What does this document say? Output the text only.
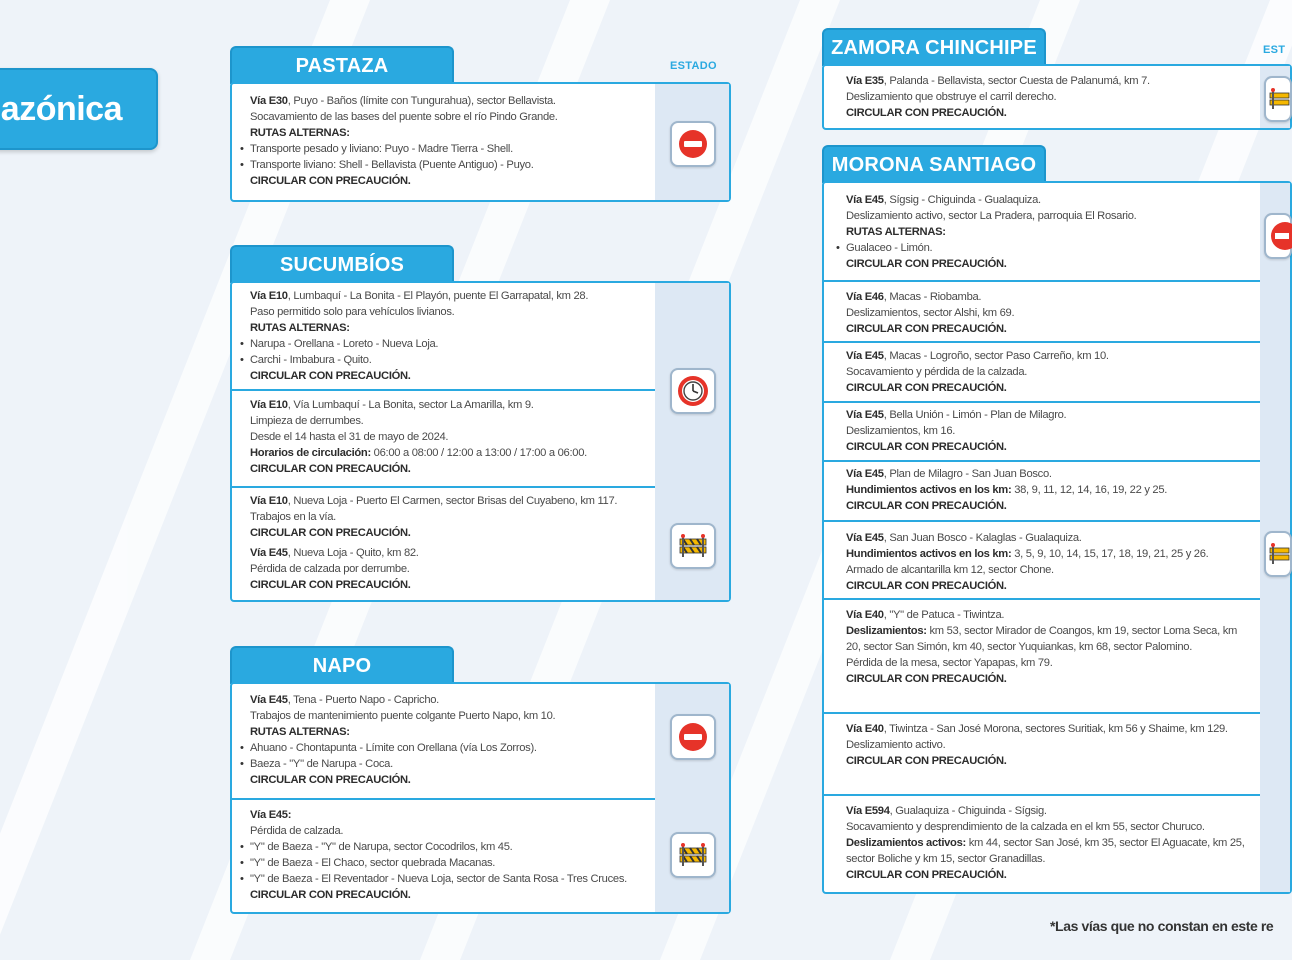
azónica
ESTADO
PASTAZA
Vía E30, Puyo - Baños (límite con Tungurahua), sector Bellavista.
Socavamiento de las bases del puente sobre el río Pindo Grande.
RUTAS ALTERNAS:
• Transporte pesado y liviano: Puyo - Madre Tierra - Shell.
• Transporte liviano: Shell - Bellavista (Puente Antiguo) - Puyo.
CIRCULAR CON PRECAUCIÓN.
SUCUMBÍOS
Vía E10, Lumbaquí - La Bonita - El Playón, puente El Garrapatal, km 28.
Paso permitido solo para vehículos livianos.
RUTAS ALTERNAS:
• Narupa - Orellana - Loreto - Nueva Loja.
• Carchi - Imbabura - Quito.
CIRCULAR CON PRECAUCIÓN.
Vía E10, Vía Lumbaquí - La Bonita, sector La Amarilla, km 9.
Limpieza de derrumbes.
Desde el 14 hasta el 31 de mayo de 2024.
Horarios de circulación: 06:00 a 08:00 / 12:00 a 13:00 / 17:00 a 06:00.
CIRCULAR CON PRECAUCIÓN.
Vía E10, Nueva Loja - Puerto El Carmen, sector Brisas del Cuyabeno, km 117.
Trabajos en la vía.
CIRCULAR CON PRECAUCIÓN.
Vía E45, Nueva Loja - Quito, km 82.
Pérdida de calzada por derrumbe.
CIRCULAR CON PRECAUCIÓN.
NAPO
Vía E45, Tena - Puerto Napo - Capricho.
Trabajos de mantenimiento puente colgante Puerto Napo, km 10.
RUTAS ALTERNAS:
• Ahuano - Chontapunta - Límite con Orellana (vía Los Zorros).
• Baeza - "Y" de Narupa - Coca.
CIRCULAR CON PRECAUCIÓN.
Vía E45:
Pérdida de calzada.
• "Y" de Baeza - "Y" de Narupa, sector Cocodrilos, km 45.
• "Y" de Baeza - El Chaco, sector quebrada Macanas.
• "Y" de Baeza - El Reventador - Nueva Loja, sector de Santa Rosa - Tres Cruces.
CIRCULAR CON PRECAUCIÓN.
EST
ZAMORA CHINCHIPE
Vía E35, Palanda - Bellavista, sector Cuesta de Palanumá, km 7.
Deslizamiento que obstruye el carril derecho.
CIRCULAR CON PRECAUCIÓN.
MORONA SANTIAGO
Vía E45, Sígsig - Chiguinda - Gualaquiza.
Deslizamiento activo, sector La Pradera, parroquia El Rosario.
RUTAS ALTERNAS:
• Gualaceo - Limón.
CIRCULAR CON PRECAUCIÓN.
Vía E46, Macas - Riobamba.
Deslizamientos, sector Alshi, km 69.
CIRCULAR CON PRECAUCIÓN.
Vía E45, Macas - Logroño, sector Paso Carreño, km 10.
Socavamiento y pérdida de la calzada.
CIRCULAR CON PRECAUCIÓN.
Vía E45, Bella Unión - Limón - Plan de Milagro.
Deslizamientos, km 16.
CIRCULAR CON PRECAUCIÓN.
Vía E45, Plan de Milagro - San Juan Bosco.
Hundimientos activos en los km: 38, 9, 11, 12, 14, 16, 19, 22 y 25.
CIRCULAR CON PRECAUCIÓN.
Vía E45, San Juan Bosco - Kalaglas - Gualaquiza.
Hundimientos activos en los km: 3, 5, 9, 10, 14, 15, 17, 18, 19, 21, 25 y 26.
Armado de alcantarilla km 12, sector Chone.
CIRCULAR CON PRECAUCIÓN.
Vía E40, "Y" de Patuca - Tiwintza.
Deslizamientos: km 53, sector Mirador de Coangos, km 19, sector Loma Seca, km 20, sector San Simón, km 40, sector Yuquiankas, km 68, sector Palomino.
Pérdida de la mesa, sector Yapapas, km 79.
CIRCULAR CON PRECAUCIÓN.
Vía E40, Tiwintza - San José Morona, sectores Suritiak, km 56 y Shaime, km 129.
Deslizamiento activo.
CIRCULAR CON PRECAUCIÓN.
Vía E594, Gualaquiza - Chiguinda - Sígsig.
Socavamiento y desprendimiento de la calzada en el km 55, sector Churuco.
Deslizamientos activos: km 44, sector San José, km 35, sector El Aguacate, km 25, sector Boliche y km 15, sector Granadillas.
CIRCULAR CON PRECAUCIÓN.
*Las vías que no constan en este re
